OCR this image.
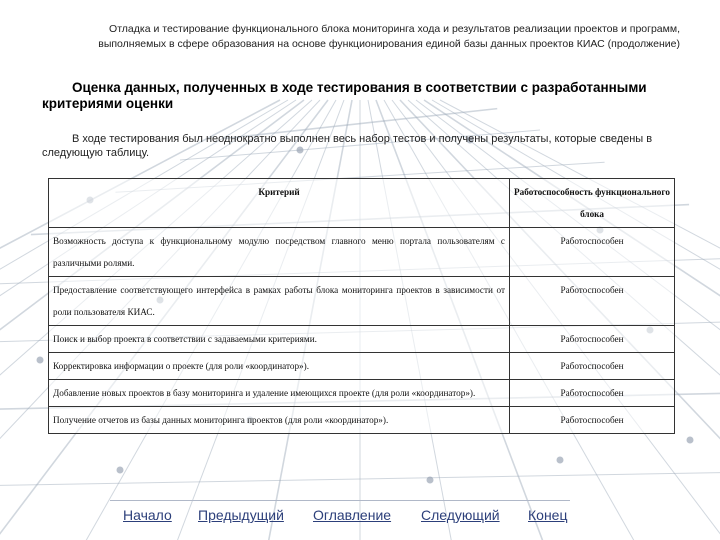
Отладка и тестирование функционального блока мониторинга хода и результатов реализации проектов и программ, выполняемых в сфере образования на основе функционирования единой базы данных проектов КИАС (продолжение)
Оценка данных, полученных в ходе тестирования в соответствии с разработанными критериями оценки
В ходе тестирования был неоднократно выполнен весь набор тестов и получены результаты, которые сведены в следующую таблицу.
Критерий	Работоспособность функционального блока
Возможность доступа к функциональному модулю посредством главного меню портала пользователям с различными ролями.	Работоспособен
Предоставление соответствующего интерфейса в рамках работы блока мониторинга проектов в зависимости от роли пользователя КИАС.	Работоспособен
Поиск и выбор проекта в соответствии с задаваемыми критериями.	Работоспособен
Корректировка информации о проекте (для роли «координатор»).	Работоспособен
Добавление новых проектов в базу мониторинга и удаление имеющихся проекте (для роли «координатор»).	Работоспособен
Получение отчетов из базы данных мониторинга проектов (для роли «координатор»).	Работоспособен
Начало Предыдущий Оглавление Следующий Конец
